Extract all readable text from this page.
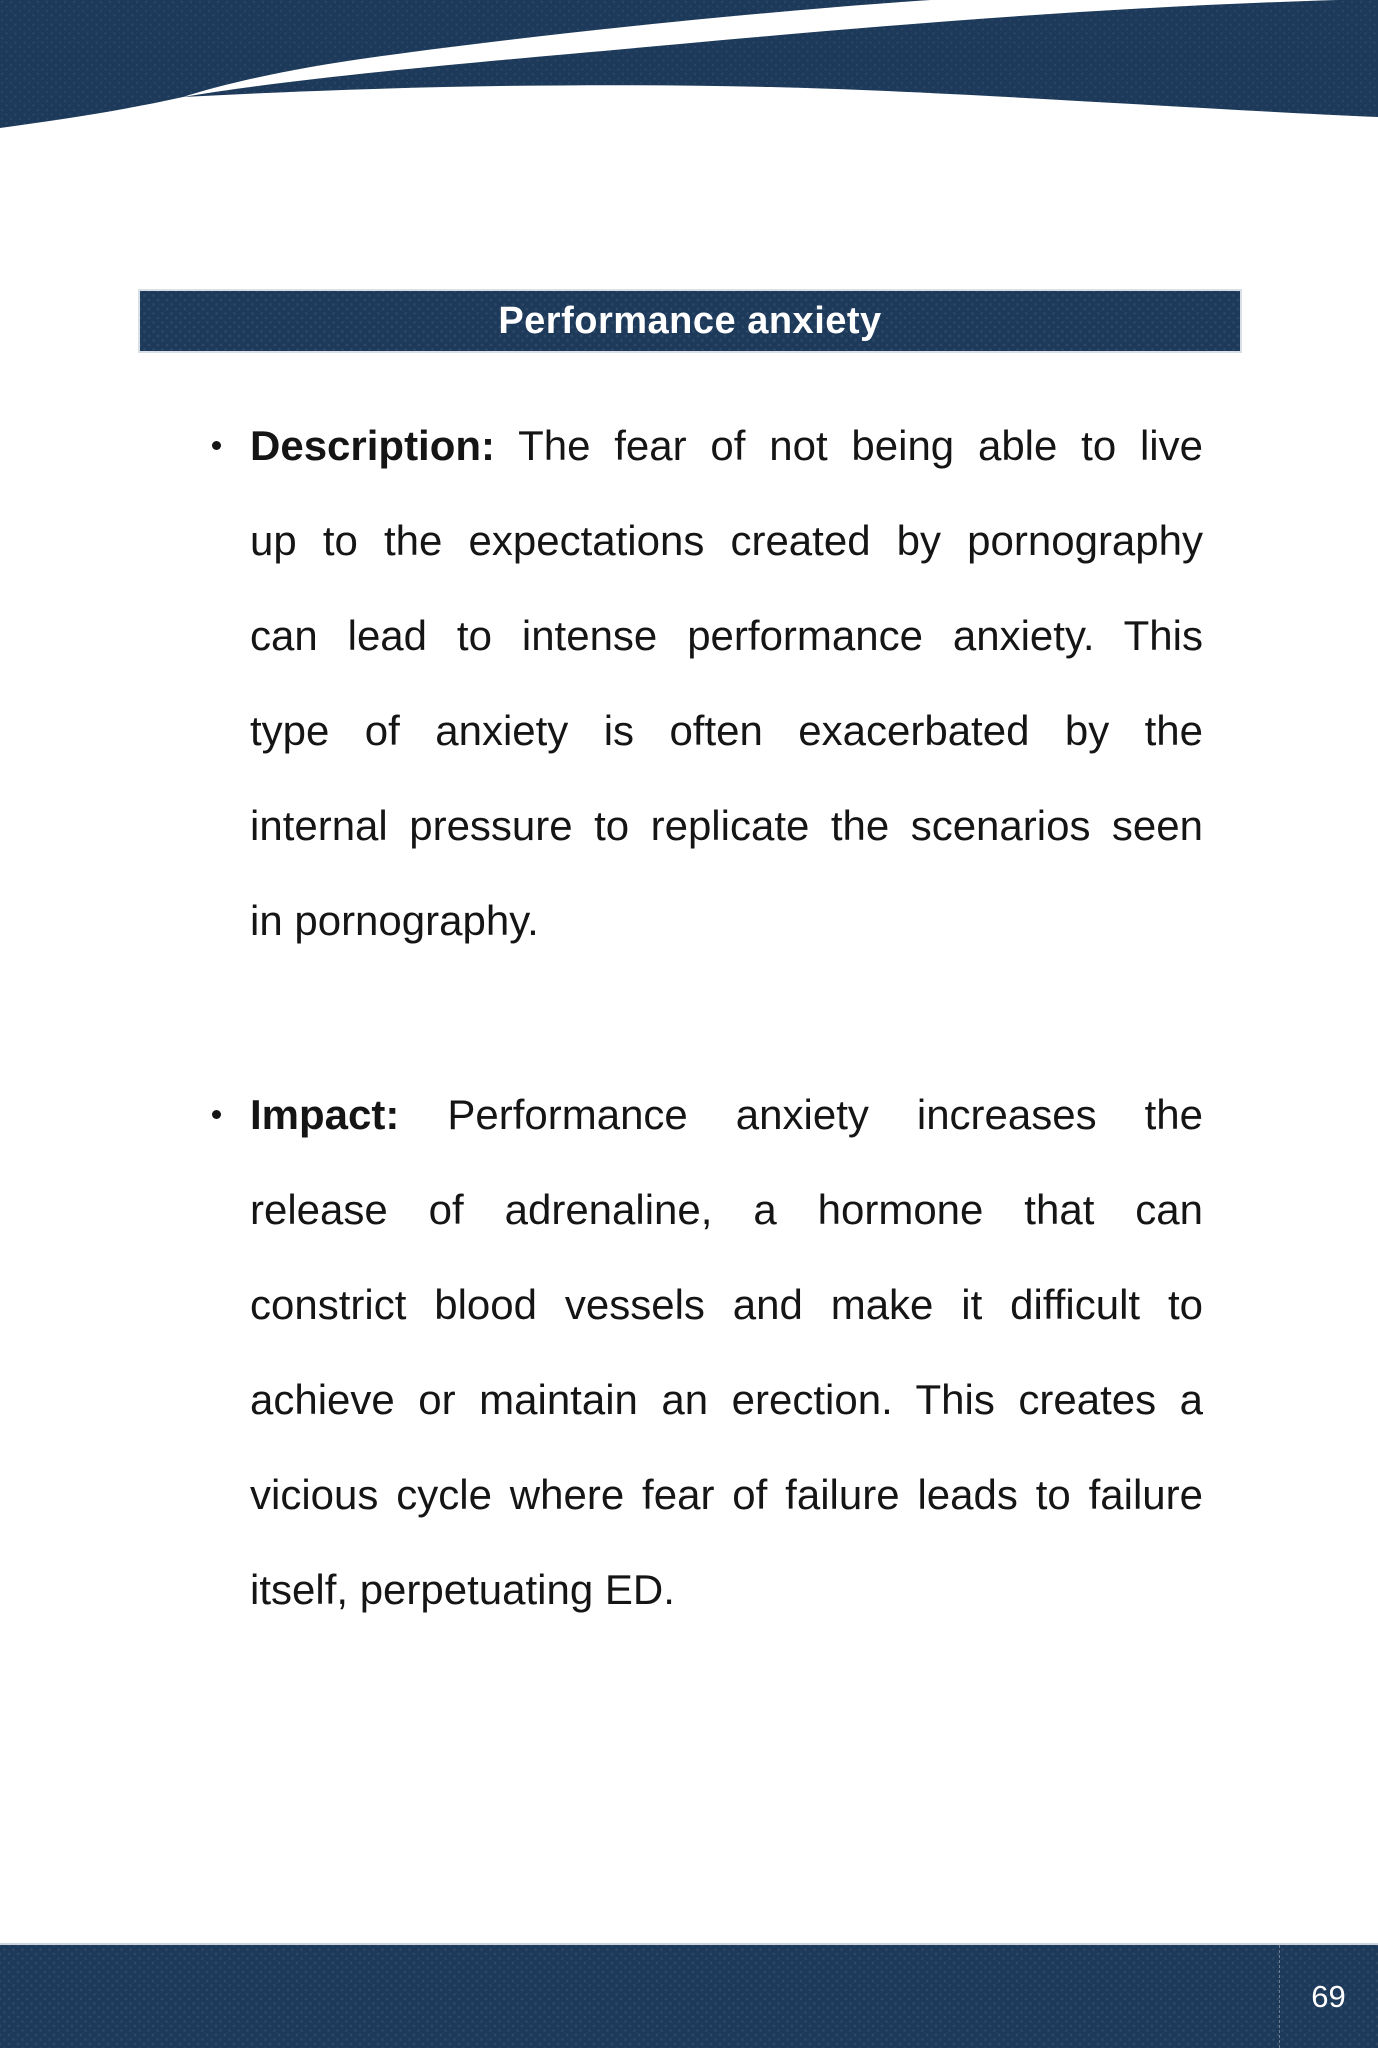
Performance anxiety
Description: The fear of not being able to live
up to the expectations created by pornography
can lead to intense performance anxiety. This
type of anxiety is often exacerbated by the
internal pressure to replicate the scenarios seen
in pornography.
Impact: Performance anxiety increases the
release of adrenaline, a hormone that can
constrict blood vessels and make it difficult to
achieve or maintain an erection. This creates a
vicious cycle where fear of failure leads to failure
itself, perpetuating ED.
69
